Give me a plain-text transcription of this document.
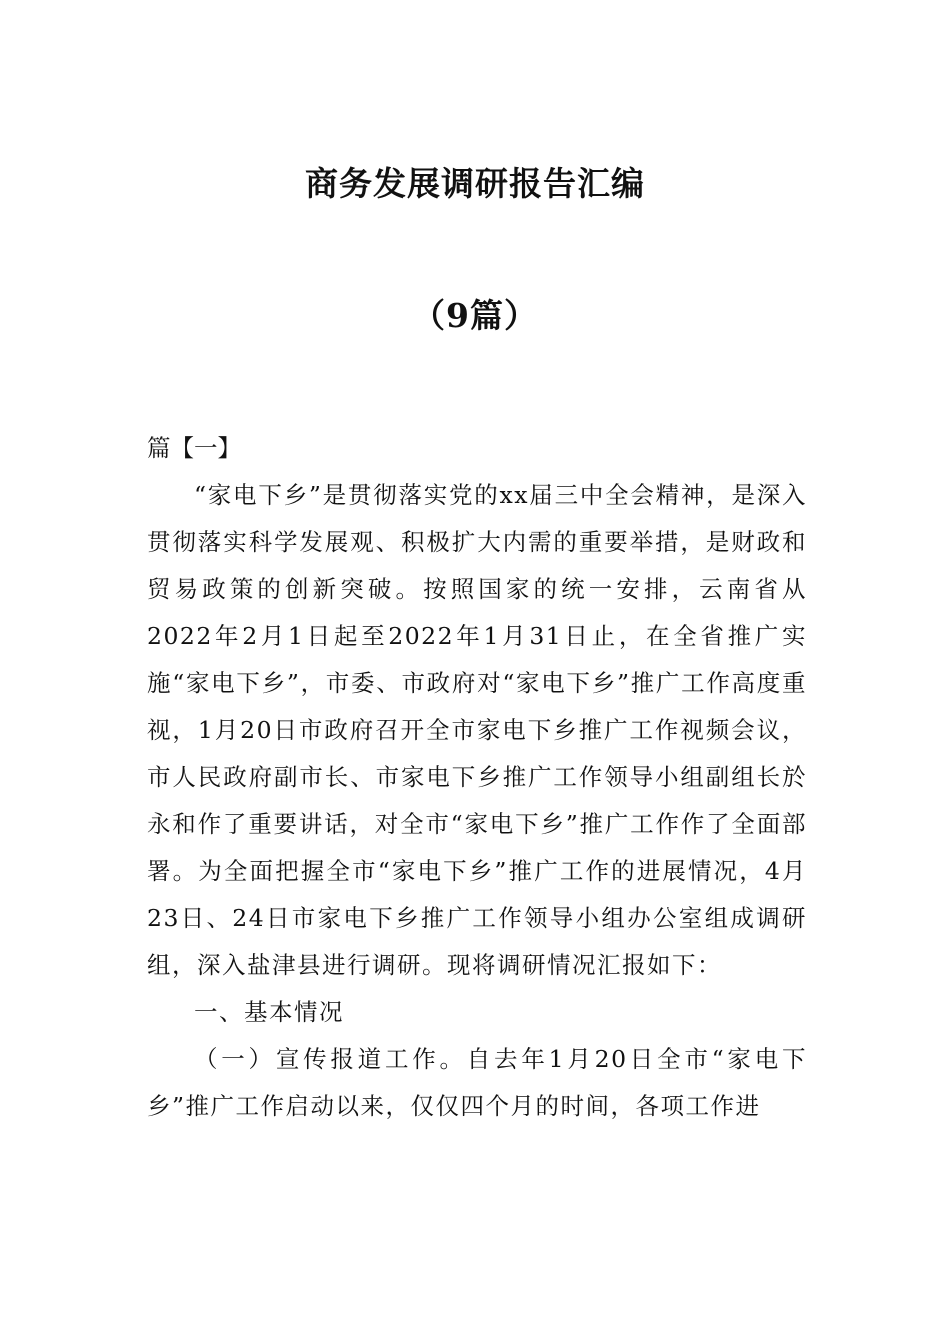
商务发展调研报告汇编
（9篇）

篇【一】

“家电下乡”是贯彻落实党的xx届三中全会精神，是深入贯彻落实科学发展观、积极扩大内需的重要举措，是财政和贸易政策的创新突破。按照国家的统一安排，云南省从2022年2月1日起至2022年1月31日止，在全省推广实施“家电下乡”，市委、市政府对“家电下乡”推广工作高度重视，1月20日市政府召开全市家电下乡推广工作视频会议，市人民政府副市长、市家电下乡推广工作领导小组副组长於永和作了重要讲话，对全市“家电下乡”推广工作作了全面部署。为全面把握全市“家电下乡”推广工作的进展情况，4月23日、24日市家电下乡推广工作领导小组办公室组成调研组，深入盐津县进行调研。现将调研情况汇报如下：

一、基本情况

（一）宣传报道工作。自去年1月20日全市“家电下乡”推广工作启动以来，仅仅四个月的时间，各项工作进
